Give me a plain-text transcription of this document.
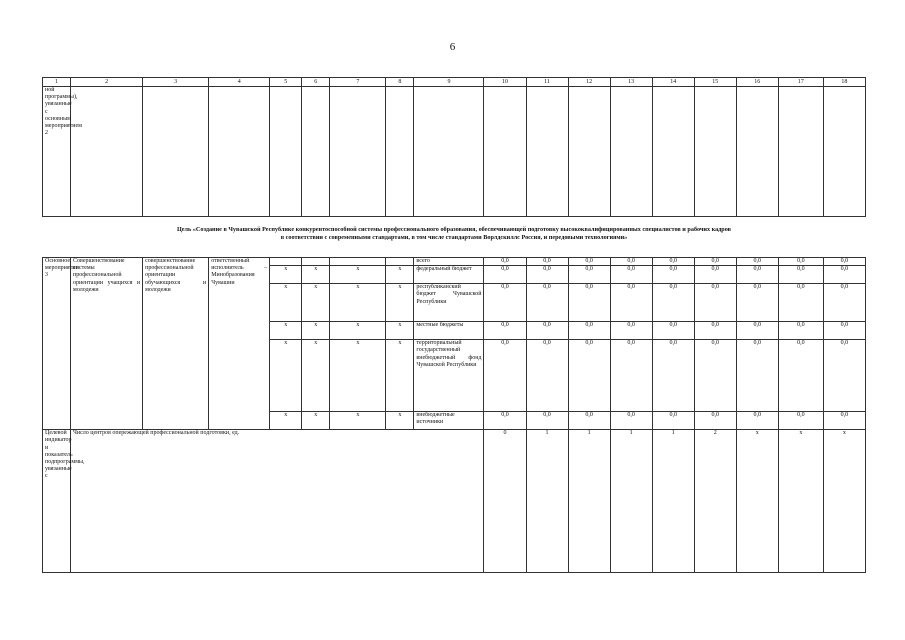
6
1	2	3	4	5	6	7	8	9	10	11	12	13	14	15	16	17	18
ной программы), увязанные с основным мероприятием 2																	
Цель «Создание в Чувашской Республике конкурентоспособной системы профессионального образования, обеспечивающей подготовку высококвалифицированных специалистов и рабочих кадров
в соответствии с современными стандартами, в том числе стандартами Ворлдскиллс Россия, и передовыми технологиями»
Основное мероприятие 3	Совершенствование системы профессиональной ориентации учащихся и молодежи	совершенствование профессиональной ориентации обучающихся и молодежи	ответственный исполнитель – Минобразования Чувашии					всего	0,0	0,0	0,0	0,0	0,0	0,0	0,0	0,0	0,0
				x	x	x	x	федеральный бюджет	0,0	0,0	0,0	0,0	0,0	0,0	0,0	0,0	0,0
				x	x	x	x	республиканский бюджет Чувашской Республики	0,0	0,0	0,0	0,0	0,0	0,0	0,0	0,0	0,0
				x	x	x	x	местные бюджеты	0,0	0,0	0,0	0,0	0,0	0,0	0,0	0,0	0,0
				x	x	x	x	территориальный государственный внебюджетный фонд Чувашской Республики	0,0	0,0	0,0	0,0	0,0	0,0	0,0	0,0	0,0
				x	x	x	x	внебюджетные источники	0,0	0,0	0,0	0,0	0,0	0,0	0,0	0,0	0,0
Целевой индикатор и показатель подпрограммы, увязанные с	Число центров опережающей профессиональной подготовки, ед.								0	1	1	1	1	2	x	x	x
